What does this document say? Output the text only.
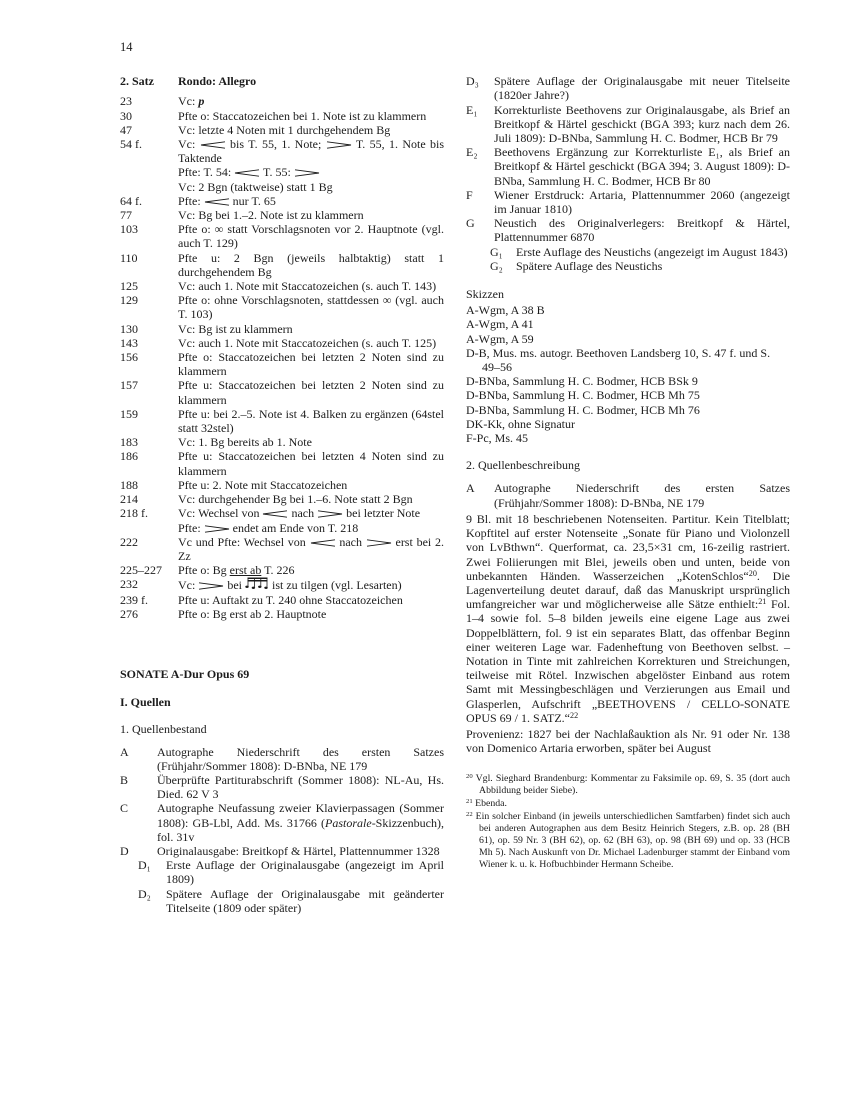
14
2. Satz	Rondo: Allegro
23	Vc: p
30	Pfte o: Staccatozeichen bei 1. Note ist zu klammern
47	Vc: letzte 4 Noten mit 1 durchgehendem Bg
54 f.	Vc:  bis T. 55, 1. Note;  T. 55, 1. Note bis Taktende
Pfte: T. 54:  T. 55:
Vc: 2 Bgn (taktweise) statt 1 Bg
64 f.	Pfte:  nur T. 65
77	Vc: Bg bei 1.–2. Note ist zu klammern
103	Pfte o: ∞ statt Vorschlagsnoten vor 2. Hauptnote (vgl. auch T. 129)
110	Pfte u: 2 Bgn (jeweils halbtaktig) statt 1 durchgehendem Bg
125	Vc: auch 1. Note mit Staccatozeichen (s. auch T. 143)
129	Pfte o: ohne Vorschlagsnoten, stattdessen ∞ (vgl. auch T. 103)
130	Vc: Bg ist zu klammern
143	Vc: auch 1. Note mit Staccatozeichen (s. auch T. 125)
156	Pfte o: Staccatozeichen bei letzten 2 Noten sind zu klammern
157	Pfte u: Staccatozeichen bei letzten 2 Noten sind zu klammern
159	Pfte u: bei 2.–5. Note ist 4. Balken zu ergänzen (64stel statt 32stel)
183	Vc: 1. Bg bereits ab 1. Note
186	Pfte u: Staccatozeichen bei letzten 4 Noten sind zu klammern
188	Pfte u: 2. Note mit Staccatozeichen
214	Vc: durchgehender Bg bei 1.–6. Note statt 2 Bgn
218 f.	Vc: Wechsel von  nach  bei letzter Note
Pfte:  endet am Ende von T. 218
222	Vc und Pfte: Wechsel von  nach  erst bei 2. Zz
225–227	Pfte o: Bg erst ab T. 226
232	Vc:  bei  ist zu tilgen (vgl. Lesarten)
239 f.	Pfte u: Auftakt zu T. 240 ohne Staccatozeichen
276	Pfte o: Bg erst ab 2. Hauptnote
SONATE A-Dur Opus 69
I. Quellen
1. Quellenbestand
A	Autographe Niederschrift des ersten Satzes (Frühjahr/Sommer 1808): D-BNba, NE 179
B	Überprüfte Partiturabschrift (Sommer 1808): NL-Au, Hs. Died. 62 V 3
C	Autographe Neufassung zweier Klavierpassagen (Sommer 1808): GB-Lbl, Add. Ms. 31766 (Pastorale-Skizzenbuch), fol. 31v
D	Originalausgabe: Breitkopf & Härtel, Plattennummer 1328
D₁	Erste Auflage der Originalausgabe (angezeigt im April 1809)
D₂	Spätere Auflage der Originalausgabe mit geänderter Titelseite (1809 oder später)
D₃	Spätere Auflage der Originalausgabe mit neuer Titelseite (1820er Jahre?)
E₁	Korrekturliste Beethovens zur Originalausgabe, als Brief an Breitkopf & Härtel geschickt (BGA 393; kurz nach dem 26. Juli 1809): D-BNba, Sammlung H. C. Bodmer, HCB Br 79
E₂	Beethovens Ergänzung zur Korrekturliste E₁, als Brief an Breitkopf & Härtel geschickt (BGA 394; 3. August 1809): D-BNba, Sammlung H. C. Bodmer, HCB Br 80
F	Wiener Erstdruck: Artaria, Plattennummer 2060 (angezeigt im Januar 1810)
G	Neustich des Originalverlegers: Breitkopf & Härtel, Plattennummer 6870
G₁	Erste Auflage des Neustichs (angezeigt im August 1843)
G₂	Spätere Auflage des Neustichs
Skizzen
A-Wgm, A 38 B
A-Wgm, A 41
A-Wgm, A 59
D-B, Mus. ms. autogr. Beethoven Landsberg 10, S. 47 f. und S. 49–56
D-BNba, Sammlung H. C. Bodmer, HCB BSk 9
D-BNba, Sammlung H. C. Bodmer, HCB Mh 75
D-BNba, Sammlung H. C. Bodmer, HCB Mh 76
DK-Kk, ohne Signatur
F-Pc, Ms. 45
2. Quellenbeschreibung
A	Autographe Niederschrift des ersten Satzes (Frühjahr/Sommer 1808): D-BNba, NE 179

9 Bl. mit 18 beschriebenen Notenseiten. Partitur. Kein Titelblatt; Kopftitel auf erster Notenseite „Sonate für Piano und Violonzell von LvBthwn“. Querformat, ca. 23,5×31 cm, 16-zeilig rastriert. Zwei Foliierungen mit Blei, jeweils oben und unten, beide von unbekannten Händen. Wasserzeichen „KotenSchlos“$^{20}$. Die Lagenverteilung deutet darauf, daß das Manuskript ursprünglich umfangreicher war und möglicherweise alle Sätze enthielt:$^{21}$ Fol. 1–4 sowie fol. 5–8 bilden jeweils eine eigene Lage aus zwei Doppelblättern, fol. 9 ist ein separates Blatt, das offenbar Beginn einer weiteren Lage war. Fadenheftung von Beethoven selbst. – Notation in Tinte mit zahlreichen Korrekturen und Streichungen, teilweise mit Rötel. Inzwischen abgelöster Einband aus rotem Samt mit Messingbeschlägen und Verzierungen aus Email und Glasperlen, Aufschrift „BEETHOVENS / CELLO-SONATE OPUS 69 / 1. SATZ.“$^{22}$

Provenienz: 1827 bei der Nachlaßauktion als Nr. 91 oder Nr. 138 von Domenico Artaria erworben, später bei August

$^{20}$ Vgl. Sieghard Brandenburg: Kommentar zu Faksimile op. 69, S. 35 (dort auch Abbildung beider Siebe).
$^{21}$ Ebenda.
$^{22}$ Ein solcher Einband (in jeweils unterschiedlichen Samtfarben) findet sich auch bei anderen Autographen aus dem Besitz Heinrich Stegers, z.B. op. 28 (BH 61), op. 59 Nr. 3 (BH 62), op. 62 (BH 63), op. 98 (BH 69) und op. 33 (HCB Mh 5). Nach Auskunft von Dr. Michael Ladenburger stammt der Einband vom Wiener k. u. k. Hofbuchbinder Hermann Scheibe.
